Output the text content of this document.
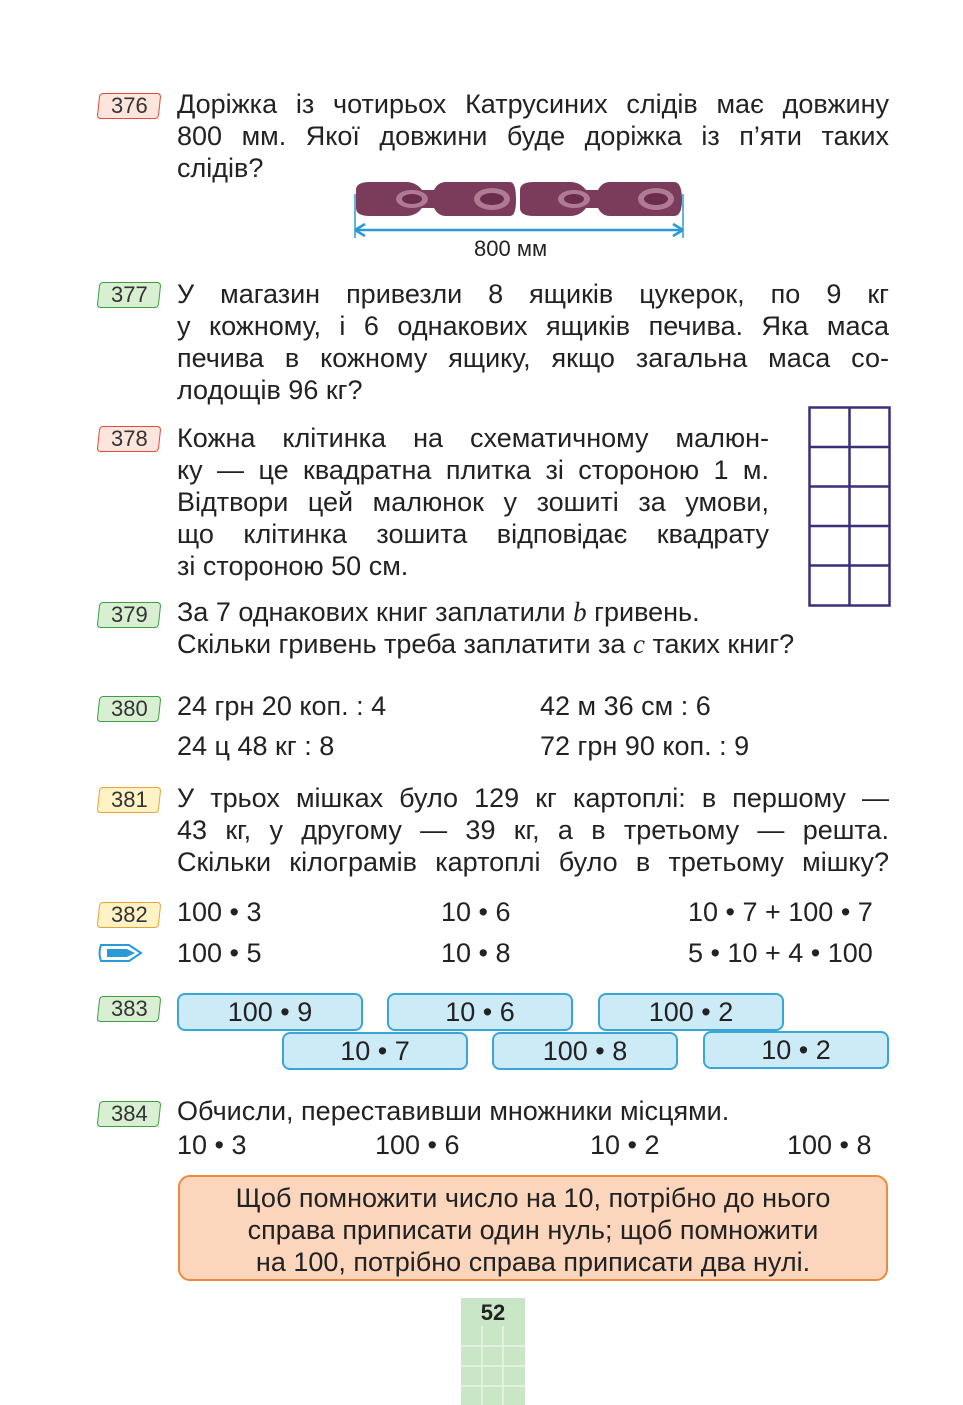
376	Доріжка із чотирьох Катрусиних слідів має довжину
800 мм. Якої довжини буде доріжка із п’яти таких
слідів?
800 мм
377	У магазин привезли 8 ящиків цукерок, по 9 кг
у кожному, і 6 однакових ящиків печива. Яка маса
печива в кожному ящику, якщо загальна маса со-
лодощів 96 кг?
378	Кожна клітинка на схематичному малюн-
ку — це квадратна плитка зі стороною 1 м.
Відтвори цей малюнок у зошиті за умови,
що клітинка зошита відповідає квадрату
зі стороною 50 см.
379	За 7 однакових книг заплатили b гривень.
Скільки гривень треба заплатити за c таких книг?
380	24 грн 20 коп. : 4	42 м 36 см : 6
24 ц 48 кг : 8	72 грн 90 коп. : 9
381	У трьох мішках було 129 кг картоплі: в першому —
43 кг, у другому — 39 кг, а в третьому — решта.
Скільки кілограмів картоплі було в третьому мішку?
382	100 • 3	10 • 6	10 • 7 + 100 • 7
100 • 5	10 • 8	5 • 10 + 4 • 100
383	100 • 9	10 • 6	100 • 2
10 • 7	100 • 8	10 • 2
384	Обчисли, переставивши множники місцями.
10 • 3	100 • 6	10 • 2	100 • 8
Щоб помножити число на 10, потрібно до нього
справа приписати один нуль; щоб помножити
на 100, потрібно справа приписати два нулі.
52
